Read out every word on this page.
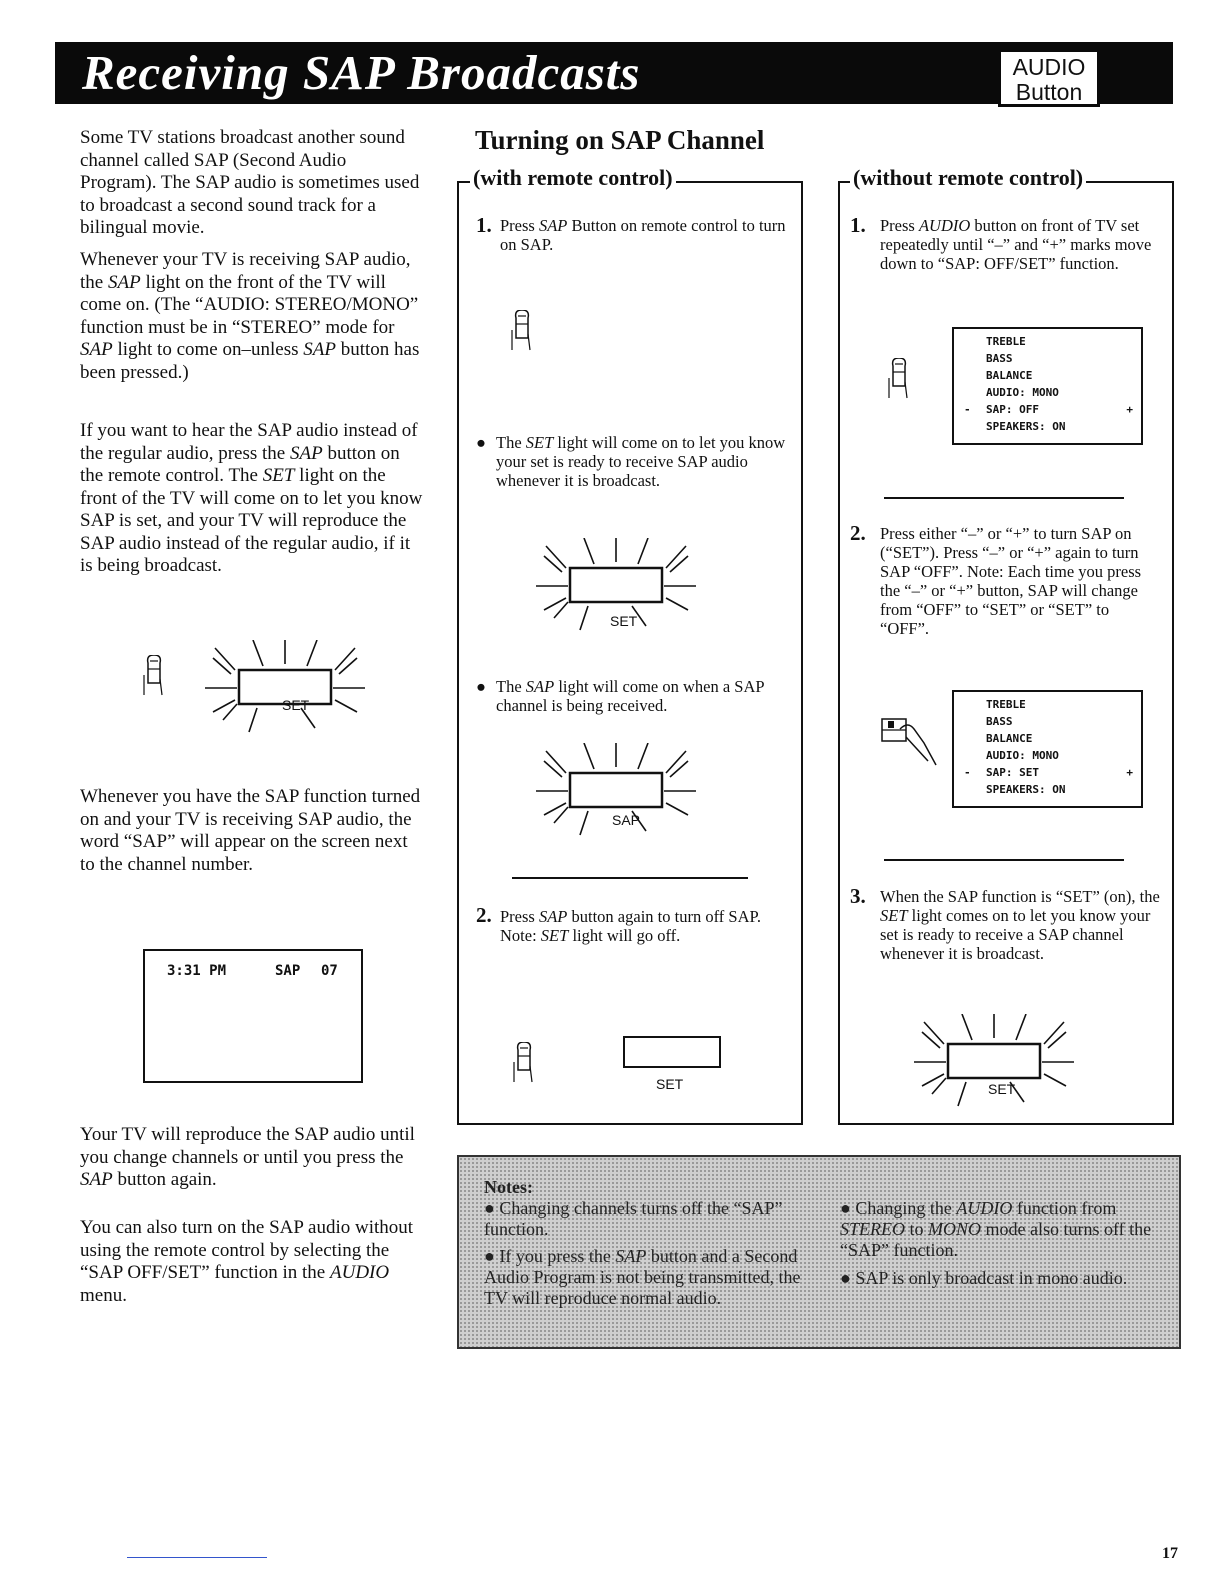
Receiving SAP Broadcasts	AUDIO
Button

Some TV stations broadcast another sound channel called SAP (Second Audio Program). The SAP audio is sometimes used to broadcast a second sound track for a bilingual movie.

Whenever your TV is receiving SAP audio, the SAP light on the front of the TV will come on. (The “AUDIO: STEREO/MONO” function must be in “STEREO” mode for SAP light to come on–unless SAP button has been pressed.)

If you want to hear the SAP audio instead of the regular audio, press the SAP button on the remote control. The SET light on the front of the TV will come on to let you know SAP is set, and your TV will reproduce the SAP audio instead of the regular audio, if it is being broadcast.

SET

Whenever you have the SAP function turned on and your TV is receiving SAP audio, the word “SAP” will appear on the screen next to the channel number.

3:31 PM	SAP 07

Your TV will reproduce the SAP audio until you change channels or until you press the SAP button again.

You can also turn on the SAP audio without using the remote control by selecting the “SAP OFF/SET” function in the AUDIO menu.

Turning on SAP Channel
(with remote control)
1. Press SAP Button on remote control to turn on SAP.
● The SET light will come on to let you know your set is ready to receive SAP audio whenever it is broadcast.
SET
● The SAP light will come on when a SAP channel is being received.
SAP
2. Press SAP button again to turn off SAP.
Note: SET light will go off.
SET
(without remote control)
1. Press AUDIO button on front of TV set repeatedly until “–” and “+” marks move down to “SAP: OFF/SET” function.
TREBLE
BASS
BALANCE
AUDIO: MONO
- SAP: OFF	+
SPEAKERS: ON
2. Press either “–” or “+” to turn SAP on (“SET”). Press “–” or “+” again to turn SAP “OFF”. Note: Each time you press the “–” or “+” button, SAP will change from “OFF” to “SET” or “SET” to “OFF”.
TREBLE
BASS
BALANCE
AUDIO: MONO
- SAP: SET	+
SPEAKERS: ON
3. When the SAP function is “SET” (on), the SET light comes on to let you know your set is ready to receive a SAP channel whenever it is broadcast.
SET
Notes:
● Changing channels turns off the “SAP” function.
● If you press the SAP button and a Second Audio Program is not being transmitted, the TV will reproduce normal audio.
● Changing the AUDIO function from STEREO to MONO mode also turns off the “SAP” function.
● SAP is only broadcast in mono audio.
17
